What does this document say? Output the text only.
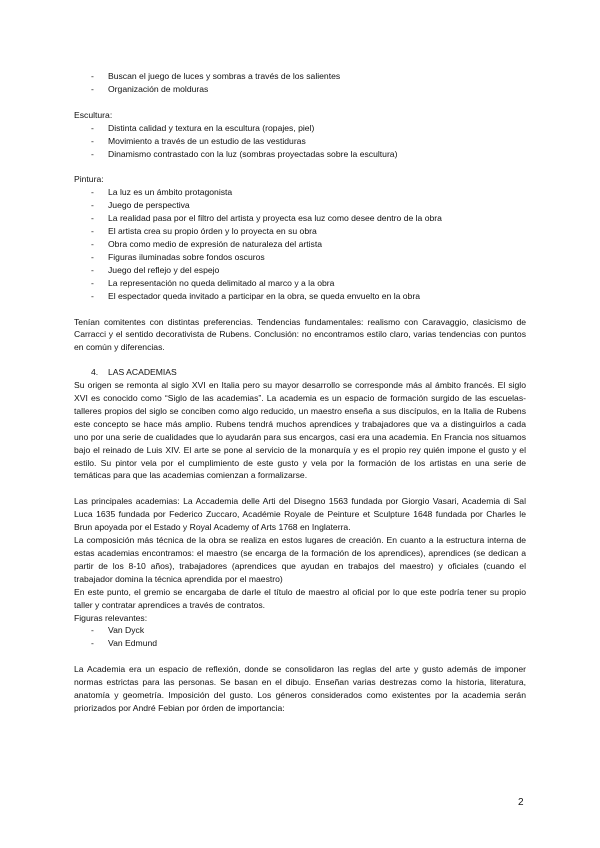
- Buscan el juego de luces y sombras a través de los salientes
- Organización de molduras
Escultura:
- Distinta calidad y textura en la escultura (ropajes, piel)
- Movimiento a través de un estudio de las vestiduras
- Dinamismo contrastado con la luz (sombras proyectadas sobre la escultura)
Pintura:
- La luz es un ámbito protagonista
- Juego de perspectiva
- La realidad pasa por el filtro del artista y proyecta esa luz como desee dentro de la obra
- El artista crea su propio órden y lo proyecta en su obra
- Obra como medio de expresión de naturaleza del artista
- Figuras iluminadas sobre fondos oscuros
- Juego del reflejo y del espejo
- La representación no queda delimitado al marco y a la obra
- El espectador queda invitado a participar en la obra, se queda envuelto en la obra

Tenían comitentes con distintas preferencias. Tendencias fundamentales: realismo con Caravaggio, clasicismo de Carracci y el sentido decorativista de Rubens. Conclusión: no encontramos estilo claro, varias tendencias con puntos en común y diferencias.

4. LAS ACADEMIAS

Su origen se remonta al siglo XVI en Italia pero su mayor desarrollo se corresponde más al ámbito francés. El siglo XVI es conocido como “Siglo de las academias”. La academia es un espacio de formación surgido de las escuelas- talleres propios del siglo se conciben como algo reducido, un maestro enseña a sus discípulos, en la Italia de Rubens este concepto se hace más amplio. Rubens tendrá muchos aprendices y trabajadores que va a distinguirlos a cada uno por una serie de cualidades que lo ayudarán para sus encargos, casi era una academia. En Francia nos situamos bajo el reinado de Luis XIV. El arte se pone al servicio de la monarquía y es el propio rey quién impone el gusto y el estilo. Su pintor vela por el cumplimiento de este gusto y vela por la formación de los artistas en una serie de temáticas para que las academias comienzan a formalizarse.

Las principales academias: La Accademia delle Arti del Disegno 1563 fundada por Giorgio Vasari, Academia di Sal Luca 1635 fundada por Federico Zuccaro, Académie Royale de Peinture et Sculpture 1648 fundada por Charles le Brun apoyada por el Estado y Royal Academy of Arts 1768 en Inglaterra.

La composición más técnica de la obra se realiza en estos lugares de creación. En cuanto a la estructura interna de estas academias encontramos: el maestro (se encarga de la formación de los aprendices), aprendices (se dedican a partir de los 8-10 años), trabajadores (aprendices que ayudan en trabajos del maestro) y oficiales (cuando el trabajador domina la técnica aprendida por el maestro)

En este punto, el gremio se encargaba de darle el título de maestro al oficial por lo que este podría tener su propio taller y contratar aprendices a través de contratos.

Figuras relevantes:
- Van Dyck
- Van Edmund

La Academia era un espacio de reflexión, donde se consolidaron las reglas del arte y gusto además de imponer normas estrictas para las personas. Se basan en el dibujo. Enseñan varias destrezas como la historia, literatura, anatomía y geometría. Imposición del gusto. Los géneros considerados como existentes por la academia serán priorizados por André Febian por órden de importancia:

2
